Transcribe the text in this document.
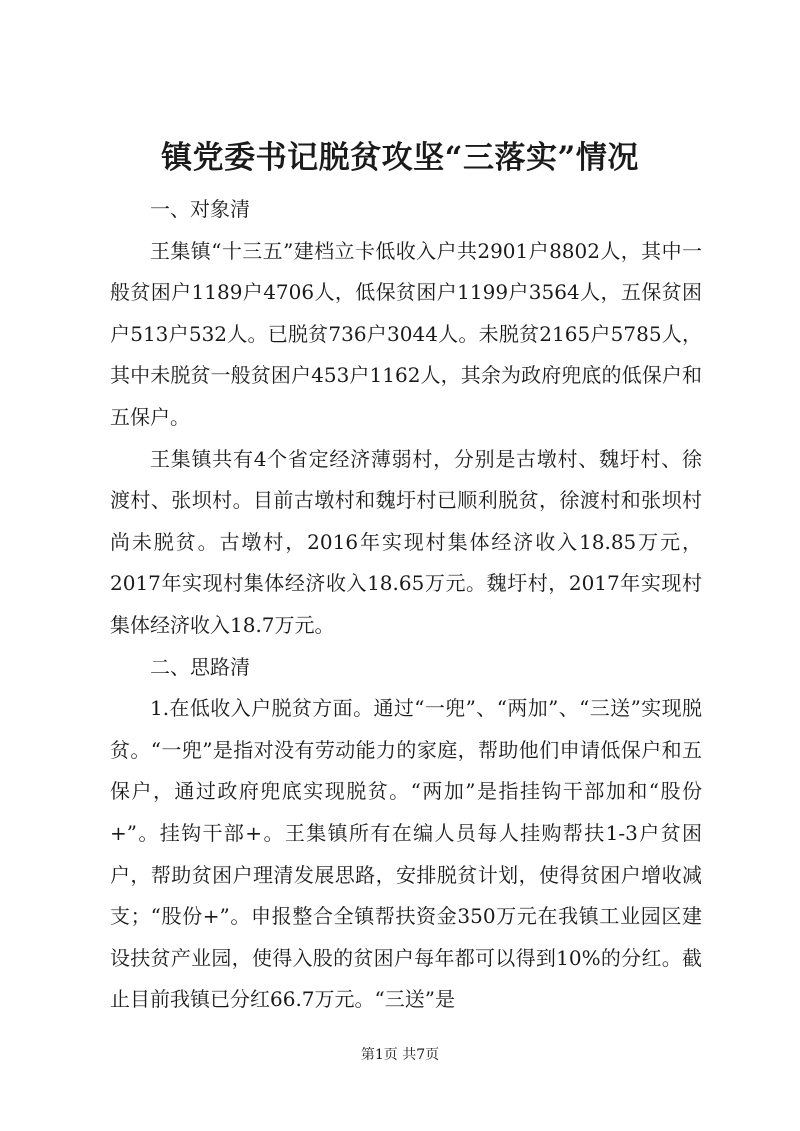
镇党委书记脱贫攻坚“三落实”情况

一、对象清

王集镇“十三五”建档立卡低收入户共2901户8802人，其中一般贫困户1189户4706人，低保贫困户1199户3564人，五保贫困户513户532人。已脱贫736户3044人。未脱贫2165户5785人，其中未脱贫一般贫困户453户1162人，其余为政府兜底的低保户和五保户。

王集镇共有4个省定经济薄弱村，分别是古墩村、魏圩村、徐渡村、张坝村。目前古墩村和魏圩村已顺利脱贫，徐渡村和张坝村尚未脱贫。古墩村，2016年实现村集体经济收入18.85万元，2017年实现村集体经济收入18.65万元。魏圩村，2017年实现村集体经济收入18.7万元。

二、思路清

1.在低收入户脱贫方面。通过“一兜”、“两加”、“三送”实现脱贫。“一兜”是指对没有劳动能力的家庭，帮助他们申请低保户和五保户，通过政府兜底实现脱贫。“两加”是指挂钩干部加和“股份+”。挂钩干部+。王集镇所有在编人员每人挂购帮扶1-3户贫困户，帮助贫困户理清发展思路，安排脱贫计划，使得贫困户增收减支；“股份+”。申报整合全镇帮扶资金350万元在我镇工业园区建设扶贫产业园，使得入股的贫困户每年都可以得到10%的分红。截止目前我镇已分红66.7万元。“三送”是

第1页 共7页
